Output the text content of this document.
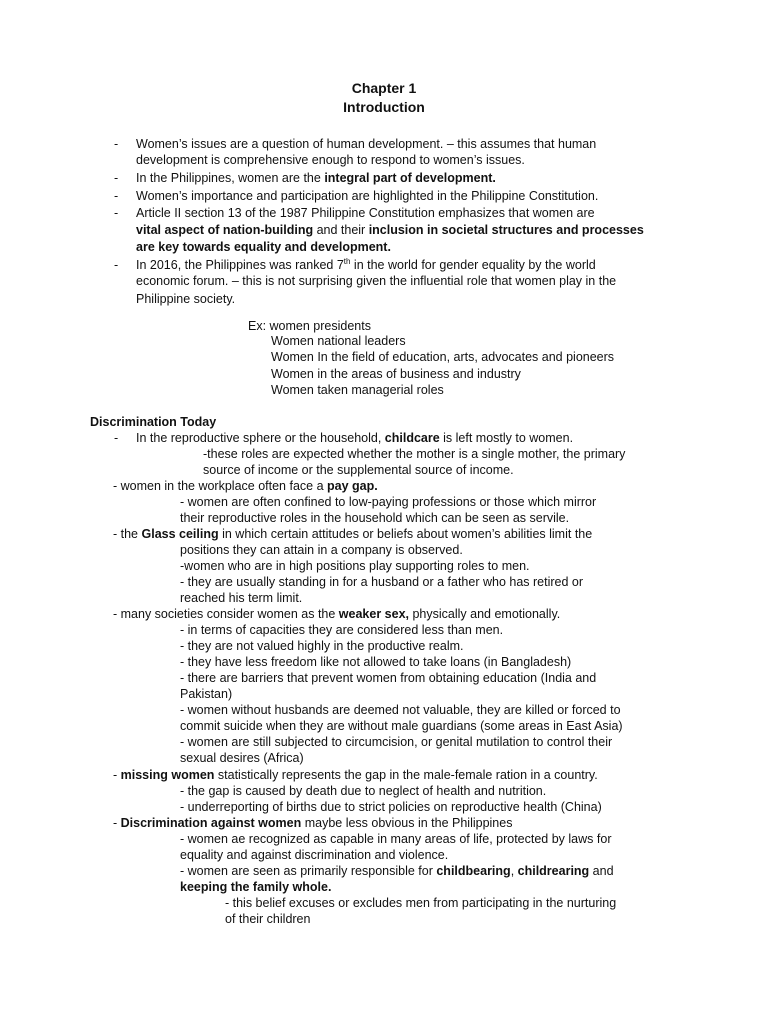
Chapter 1
Introduction
- Women’s issues are a question of human development. – this assumes that human
development is comprehensive enough to respond to women’s issues.
- In the Philippines, women are the integral part of development.
- Women’s importance and participation are highlighted in the Philippine Constitution.
- Article II section 13 of the 1987 Philippine Constitution emphasizes that women are
vital aspect of nation-building and their inclusion in societal structures and processes
are key towards equality and development.
- In 2016, the Philippines was ranked 7th in the world for gender equality by the world
economic forum. – this is not surprising given the influential role that women play in the
Philippine society.
Ex: women presidents
Women national leaders
Women In the field of education, arts, advocates and pioneers
Women in the areas of business and industry
Women taken managerial roles
Discrimination Today
- In the reproductive sphere or the household, childcare is left mostly to women.
-these roles are expected whether the mother is a single mother, the primary
source of income or the supplemental source of income.
- women in the workplace often face a pay gap.
- women are often confined to low-paying professions or those which mirror
their reproductive roles in the household which can be seen as servile.
- the Glass ceiling in which certain attitudes or beliefs about women’s abilities limit the
positions they can attain in a company is observed.
-women who are in high positions play supporting roles to men.
- they are usually standing in for a husband or a father who has retired or
reached his term limit.
- many societies consider women as the weaker sex, physically and emotionally.
- in terms of capacities they are considered less than men.
- they are not valued highly in the productive realm.
- they have less freedom like not allowed to take loans (in Bangladesh)
- there are barriers that prevent women from obtaining education (India and
Pakistan)
- women without husbands are deemed not valuable, they are killed or forced to
commit suicide when they are without male guardians (some areas in East Asia)
- women are still subjected to circumcision, or genital mutilation to control their
sexual desires (Africa)
- missing women statistically represents the gap in the male-female ration in a country.
- the gap is caused by death due to neglect of health and nutrition.
- underreporting of births due to strict policies on reproductive health (China)
- Discrimination against women maybe less obvious in the Philippines
- women ae recognized as capable in many areas of life, protected by laws for
equality and against discrimination and violence.
- women are seen as primarily responsible for childbearing, childrearing and
keeping the family whole.
- this belief excuses or excludes men from participating in the nurturing
of their children
